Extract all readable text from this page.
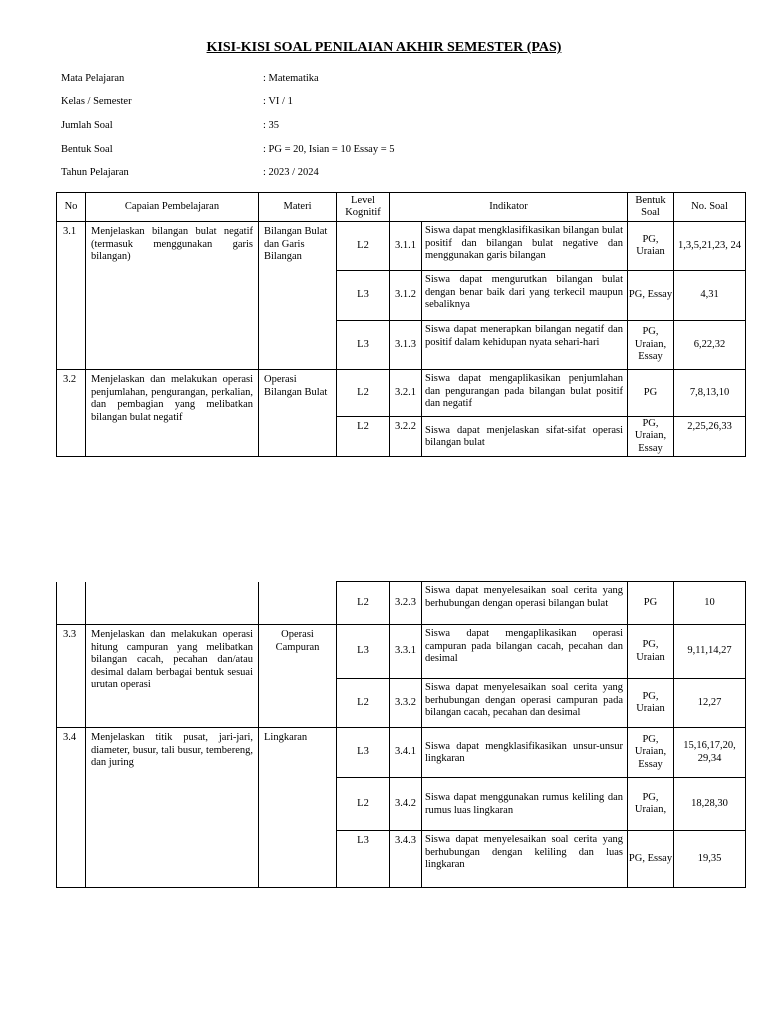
KISI-KISI SOAL PENILAIAN AKHIR SEMESTER (PAS)
Mata Pelajaran	: Matematika
Kelas / Semester	: VI / 1
Jumlah Soal	: 35
Bentuk Soal	: PG = 20, Isian = 10 Essay = 5
Tahun Pelajaran	: 2023 / 2024
No	Capaian Pembelajaran	Materi	Level Kognitif	Indikator		Bentuk Soal	No. Soal
3.1	Menjelaskan bilangan bulat negatif (termasuk menggunakan garis bilangan)	Bilangan Bulat dan Garis Bilangan	L2	3.1.1	Siswa dapat mengklasifikasikan bilangan bulat positif dan bilangan bulat negative dan menggunakan garis bilangan	PG, Uraian	1,3,5,21,23, 24
			L3	3.1.2	Siswa dapat mengurutkan bilangan bulat dengan benar baik dari yang terkecil maupun sebaliknya	PG, Essay	4,31
			L3	3.1.3	Siswa dapat menerapkan bilangan negatif dan positif dalam kehidupan nyata sehari-hari	PG, Uraian, Essay	6,22,32
3.2	Menjelaskan dan melakukan operasi penjumlahan, pengurangan, perkalian, dan pembagian yang melibatkan bilangan bulat negatif	Operasi Bilangan Bulat	L2	3.2.1	Siswa dapat mengaplikasikan penjumlahan dan pengurangan pada bilangan bulat positif dan negatif	PG	7,8,13,10
			L2	3.2.2	Siswa dapat menjelaskan sifat-sifat operasi bilangan bulat	PG, Uraian, Essay	2,25,26,33
			L2	3.2.3	Siswa dapat menyelesaikan soal cerita yang berhubungan dengan operasi bilangan bulat	PG	10
3.3	Menjelaskan dan melakukan operasi hitung campuran yang melibatkan bilangan cacah, pecahan dan/atau desimal dalam berbagai bentuk sesuai urutan operasi	Operasi Campuran	L3	3.3.1	Siswa dapat mengaplikasikan operasi campuran pada bilangan cacah, pecahan dan desimal	PG, Uraian	9,11,14,27
			L2	3.3.2	Siswa dapat menyelesaikan soal cerita yang berhubungan dengan operasi campuran pada bilangan cacah, pecahan dan desimal	PG, Uraian	12,27
3.4	Menjelaskan titik pusat, jari-jari, diameter, busur, tali busur, tembereng, dan juring	Lingkaran	L3	3.4.1	Siswa dapat mengklasifikasikan unsur-unsur lingkaran	PG, Uraian, Essay	15,16,17,20, 29,34
			L2	3.4.2	Siswa dapat menggunakan rumus keliling dan rumus luas lingkaran	PG, Uraian,	18,28,30
			L3	3.4.3	Siswa dapat menyelesaikan soal cerita yang berhubungan dengan keliling dan luas lingkaran	PG, Essay	19,35
